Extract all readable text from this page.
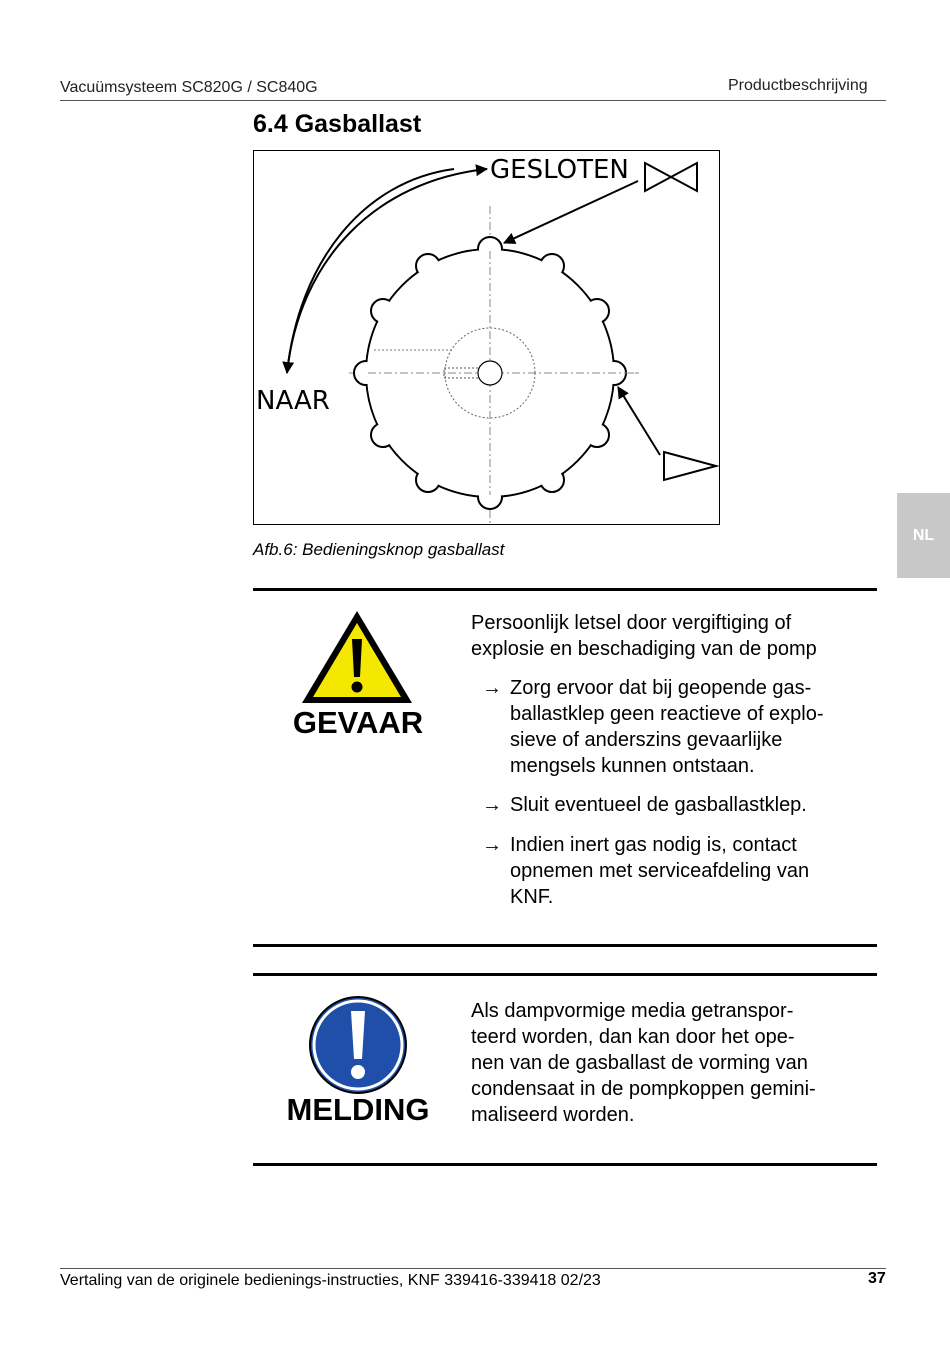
Vacuümsysteem SC820G / SC840G	Productbeschrijving
6.4 Gasballast
GESLOTEN
NAAR
Afb.6: Bedieningsknop gasballast
NL
GEVAAR
Persoonlijk letsel door vergiftiging of
explosie en beschadiging van de pomp
→ Zorg ervoor dat bij geopende gas-
ballastklep geen reactieve of explo-
sieve of anderszins gevaarlijke
mengsels kunnen ontstaan.
→ Sluit eventueel de gasballastklep.
→ Indien inert gas nodig is, contact
opnemen met serviceafdeling van
KNF.
MELDING
Als dampvormige media getranspor-
teerd worden, dan kan door het ope-
nen van de gasballast de vorming van
condensaat in de pompkoppen gemini-
maliseerd worden.
Vertaling van de originele bedienings-instructies, KNF 339416-339418 02/23	37
